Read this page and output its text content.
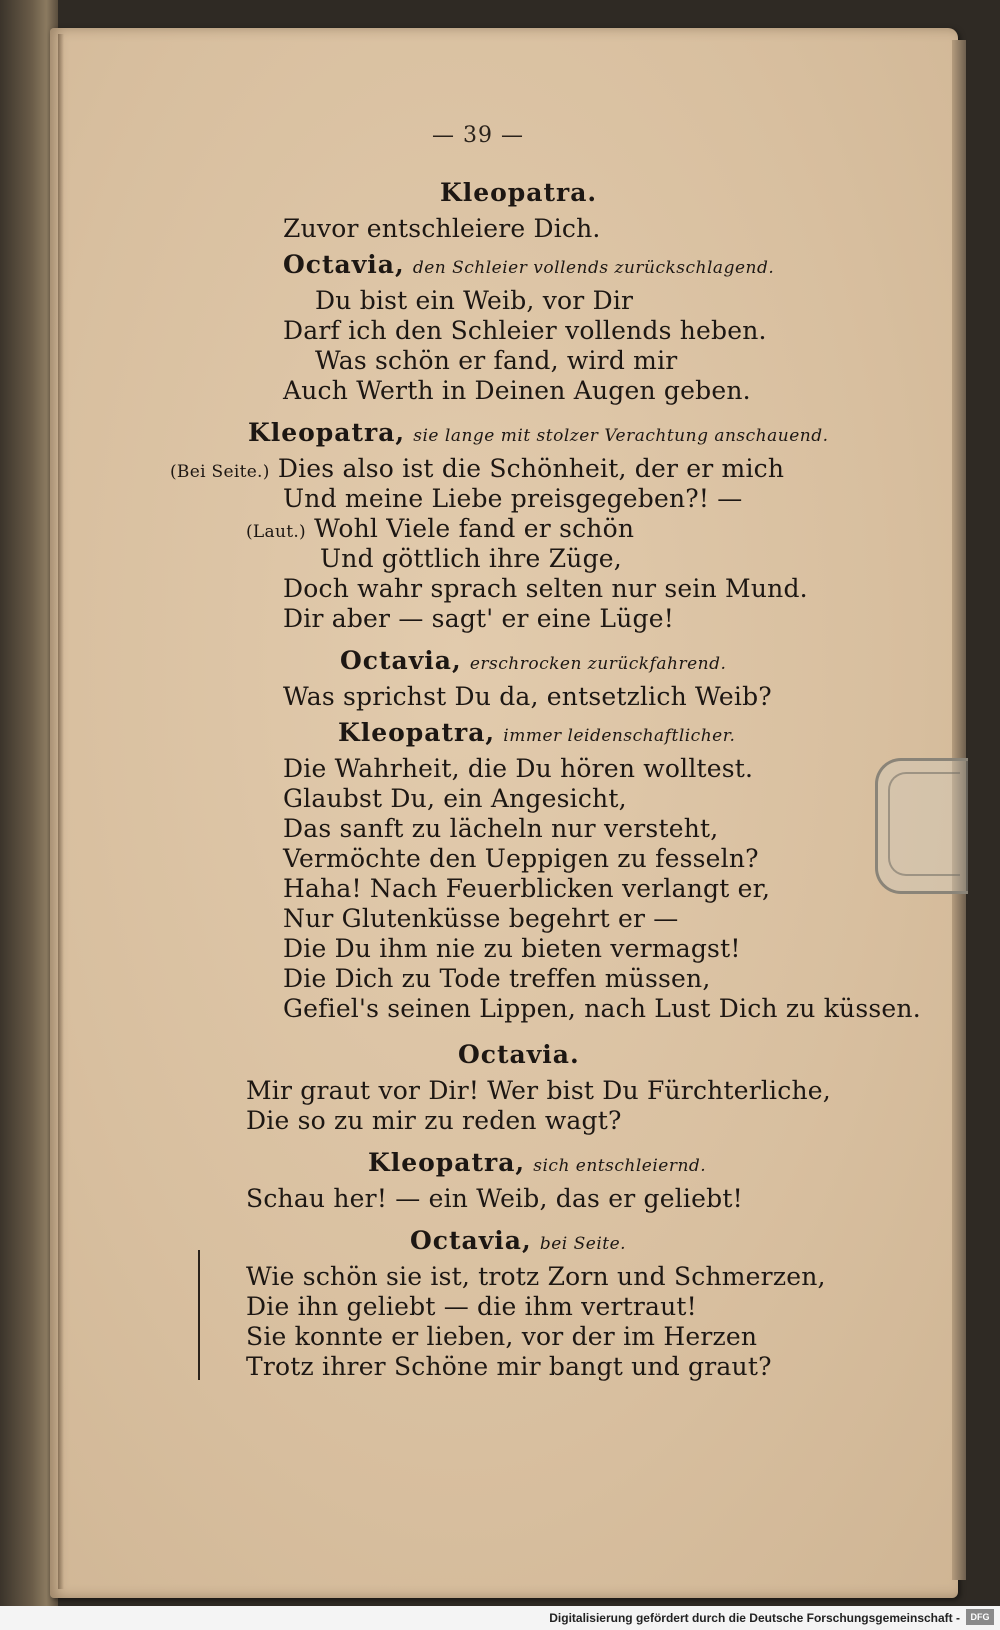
— 39 —
Kleopatra.
Zuvor entschleiere Dich.
Octavia, den Schleier vollends zurückschlagend.
Du bist ein Weib, vor Dir
Darf ich den Schleier vollends heben.
Was schön er fand, wird mir
Auch Werth in Deinen Augen geben.
Kleopatra, sie lange mit stolzer Verachtung anschauend.
(Bei Seite.) Dies also ist die Schönheit, der er mich
Und meine Liebe preisgegeben?! —
(Laut.) Wohl Viele fand er schön
Und göttlich ihre Züge,
Doch wahr sprach selten nur sein Mund.
Dir aber — sagt' er eine Lüge!
Octavia, erschrocken zurückfahrend.
Was sprichst Du da, entsetzlich Weib?
Kleopatra, immer leidenschaftlicher.
Die Wahrheit, die Du hören wolltest.
Glaubst Du, ein Angesicht,
Das sanft zu lächeln nur versteht,
Vermöchte den Ueppigen zu fesseln?
Haha! Nach Feuerblicken verlangt er,
Nur Glutenküsse begehrt er —
Die Du ihm nie zu bieten vermagst!
Die Dich zu Tode treffen müssen,
Gefiel's seinen Lippen, nach Lust Dich zu küssen.
Octavia.
Mir graut vor Dir! Wer bist Du Fürchterliche,
Die so zu mir zu reden wagt?
Kleopatra, sich entschleiernd.
Schau her! — ein Weib, das er geliebt!
Octavia, bei Seite.
Wie schön sie ist, trotz Zorn und Schmerzen,
Die ihn geliebt — die ihm vertraut!
Sie konnte er lieben, vor der im Herzen
Trotz ihrer Schöne mir bangt und graut?
Digitalisierung gefördert durch die Deutsche Forschungsgemeinschaft -	DFG
